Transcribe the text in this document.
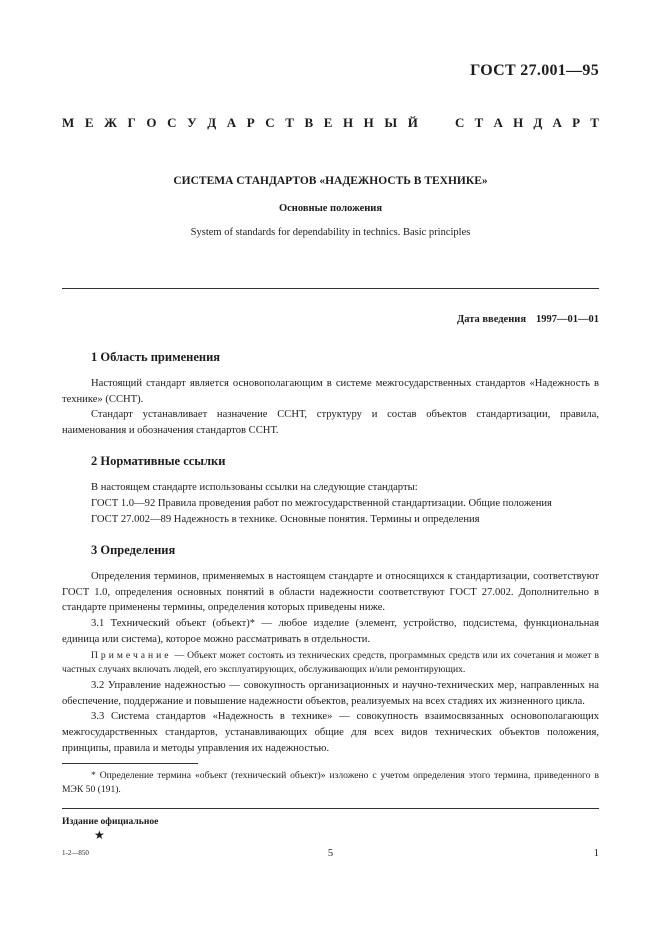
ГОСТ 27.001—95
М Е Ж Г О С У Д А Р С Т В Е Н Н Ы Й	С Т А Н Д А Р Т
СИСТЕМА СТАНДАРТОВ «НАДЕЖНОСТЬ В ТЕХНИКЕ»
Основные положения
System of standards for dependability in technics. Basic principles
Дата введения 1997—01—01
1 Область применения

Настоящий стандарт является основополагающим в системе межгосударственных стандартов «Надежность в технике» (ССНТ).

Стандарт устанавливает назначение ССНТ, структуру и состав объектов стандартизации, правила, наименования и обозначения стандартов ССНТ.

2 Нормативные ссылки

В настоящем стандарте использованы ссылки на следующие стандарты:

ГОСТ 1.0—92 Правила проведения работ по межгосударственной стандартизации. Общие положения

ГОСТ 27.002—89 Надежность в технике. Основные понятия. Термины и определения

3 Определения

Определения терминов, применяемых в настоящем стандарте и относящихся к стандартизации, соответствуют ГОСТ 1.0, определения основных понятий в области надежности соответствуют ГОСТ 27.002. Дополнительно в стандарте применены термины, определения которых приведены ниже.

3.1 Технический объект (объект)* — любое изделие (элемент, устройство, подсистема, функциональная единица или система), которое можно рассматривать в отдельности.

Примечание — Объект может состоять из технических средств, программных средств или их сочетания и может в частных случаях включать людей, его эксплуатирующих, обслуживающих и/или ремонтирующих.

3.2 Управление надежностью — совокупность организационных и научно-технических мер, направленных на обеспечение, поддержание и повышение надежности объектов, реализуемых на всех стадиях их жизненного цикла.

3.3 Система стандартов «Надежность в технике» — совокупность взаимосвязанных основополагающих межгосударственных стандартов, устанавливающих общие для всех видов технических объектов положения, принципы, правила и методы управления их надежностью.

* Определение термина «объект (технический объект)» изложено с учетом определения этого термина, приведенного в МЭК 50 (191).
Издание официальное
★
1-2—850	5	1
